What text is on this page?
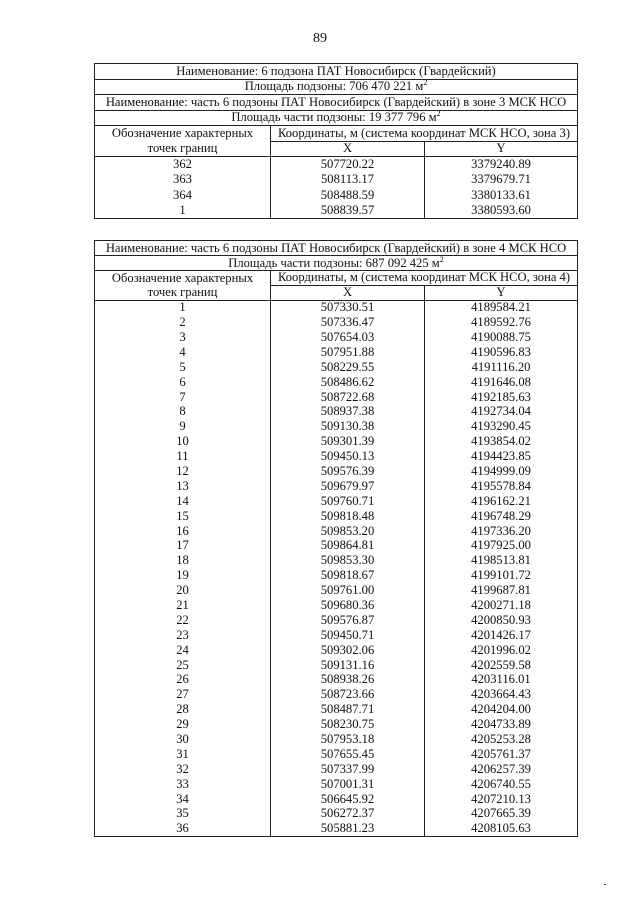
89
Наименование: 6 подзона ПАТ Новосибирск (Гвардейский)		
Площадь подзоны: 706 470 221 $м^2$
Наименование: часть 6 подзоны ПАТ Новосибирск (Гвардейский) в зоне 3 МСК НСО		
Площадь части подзоны: 19 377 796 $м^2$
Обозначение характерных	Координаты, м (система координат МСК НСО, зона 3)	
точек границ	X	Y
362	507720.22	3379240.89
363	508113.17	3379679.71
364	508488.59	3380133.61
1	508839.57	3380593.60
Наименование: часть 6 подзоны ПАТ Новосибирск (Гвардейский) в зоне 4 МСК НСО		
Площадь части подзоны: 687 092 425 $м^2$
Обозначение характерных	Координаты, м (система координат МСК НСО, зона 4)	
точек границ	X	Y
1	507330.51	4189584.21
2	507336.47	4189592.76
3	507654.03	4190088.75
4	507951.88	4190596.83
5	508229.55	4191116.20
6	508486.62	4191646.08
7	508722.68	4192185.63
8	508937.38	4192734.04
9	509130.38	4193290.45
10	509301.39	4193854.02
11	509450.13	4194423.85
12	509576.39	4194999.09
13	509679.97	4195578.84
14	509760.71	4196162.21
15	509818.48	4196748.29
16	509853.20	4197336.20
17	509864.81	4197925.00
18	509853.30	4198513.81
19	509818.67	4199101.72
20	509761.00	4199687.81
21	509680.36	4200271.18
22	509576.87	4200850.93
23	509450.71	4201426.17
24	509302.06	4201996.02
25	509131.16	4202559.58
26	508938.26	4203116.01
27	508723.66	4203664.43
28	508487.71	4204204.00
29	508230.75	4204733.89
30	507953.18	4205253.28
31	507655.45	4205761.37
32	507337.99	4206257.39
33	507001.31	4206740.55
34	506645.92	4207210.13
35	506272.37	4207665.39
36	505881.23	4208105.63
